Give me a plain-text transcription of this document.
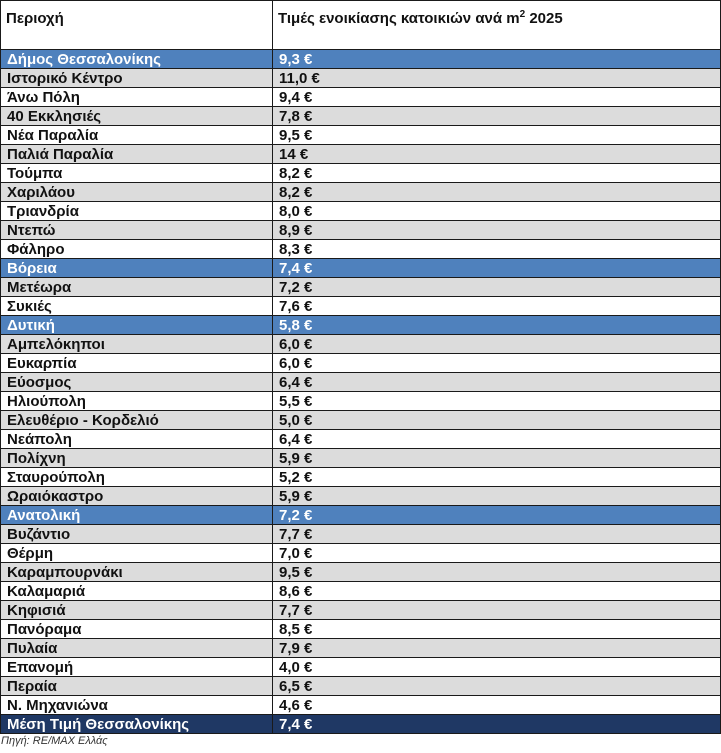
Περιοχή	Τιμές ενοικίασης κατοικιών ανά $m^2$ 2025
Δήμος Θεσσαλονίκης	9,3 €
Ιστορικό Κέντρο	11,0 €
Άνω Πόλη	9,4 €
40 Εκκλησιές	7,8 €
Νέα Παραλία	9,5 €
Παλιά Παραλία	14 €
Τούμπα	8,2 €
Χαριλάου	8,2 €
Τριανδρία	8,0 €
Ντεπώ	8,9 €
Φάληρο	8,3 €
Βόρεια	7,4 €
Μετέωρα	7,2 €
Συκιές	7,6 €
Δυτική	5,8 €
Αμπελόκηποι	6,0 €
Ευκαρπία	6,0 €
Εύοσμος	6,4 €
Ηλιούπολη	5,5 €
Ελευθέριο - Κορδελιό	5,0 €
Νεάπολη	6,4 €
Πολίχνη	5,9 €
Σταυρούπολη	5,2 €
Ωραιόκαστρο	5,9 €
Ανατολική	7,2 €
Βυζάντιο	7,7 €
Θέρμη	7,0 €
Καραμπουρνάκι	9,5 €
Καλαμαριά	8,6 €
Κηφισιά	7,7 €
Πανόραμα	8,5 €
Πυλαία	7,9 €
Επανομή	4,0 €
Περαία	6,5 €
Ν. Μηχανιώνα	4,6 €
Μέση Τιμή Θεσσαλονίκης	7,4 €
Πηγή: RE/MAX Ελλάς
